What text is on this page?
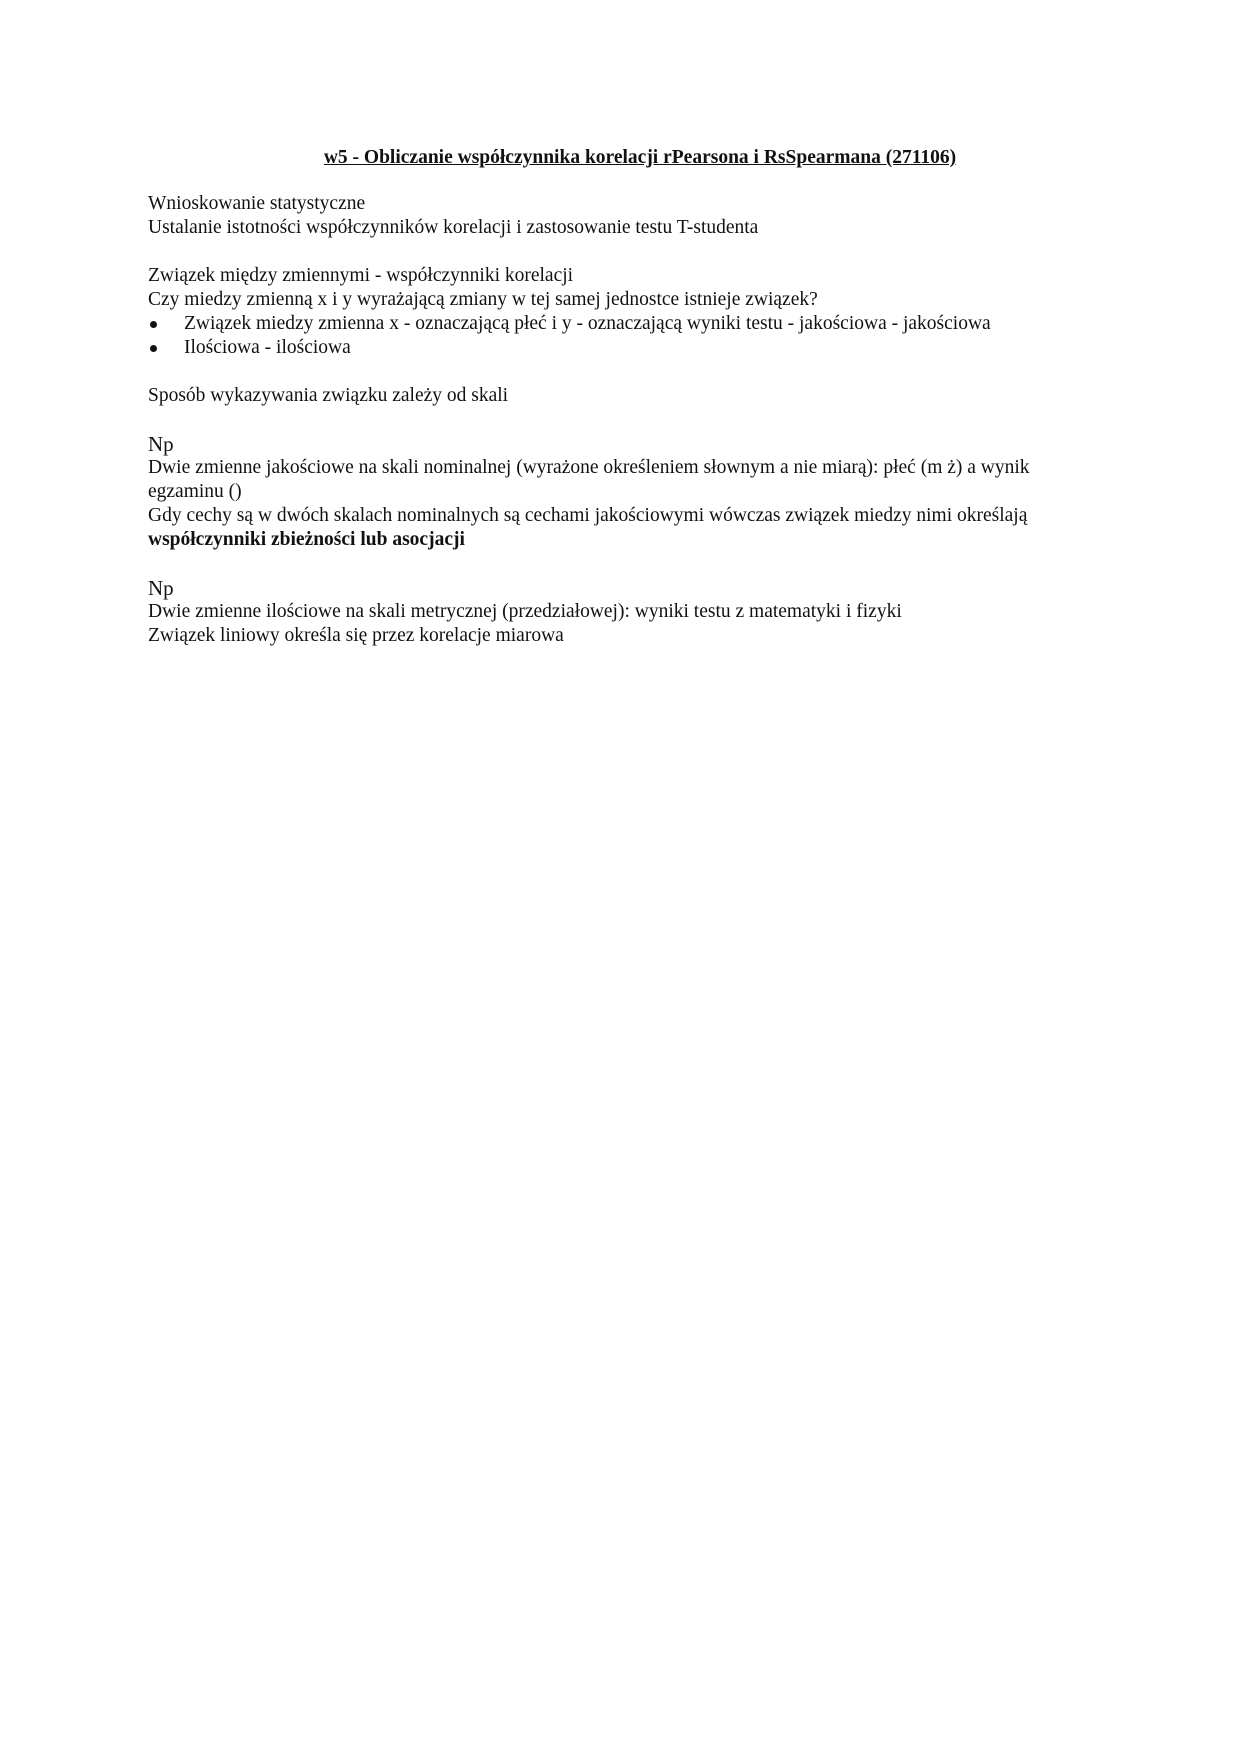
w5 - Obliczanie współczynnika korelacji rPearsona i RsSpearmana (271106)
Wnioskowanie statystyczne
Ustalanie istotności współczynników korelacji i zastosowanie testu T-studenta
Związek między zmiennymi - współczynniki korelacji
Czy miedzy zmienną x i y wyrażającą zmiany w tej samej jednostce istnieje związek?
Związek miedzy zmienna x - oznaczającą płeć i y - oznaczającą wyniki testu - jakościowa - jakościowa
Ilościowa - ilościowa
Sposób wykazywania związku zależy od skali
Np
Dwie zmienne jakościowe na skali nominalnej (wyrażone określeniem słownym a nie miarą): płeć (m ż) a wynik egzaminu ()
Gdy cechy są w dwóch skalach nominalnych są cechami jakościowymi wówczas związek miedzy nimi określają
współczynniki zbieżności lub asocjacji
Np
Dwie zmienne ilościowe na skali metrycznej (przedziałowej): wyniki testu z matematyki i fizyki
Związek liniowy określa się przez korelacje miarowa
